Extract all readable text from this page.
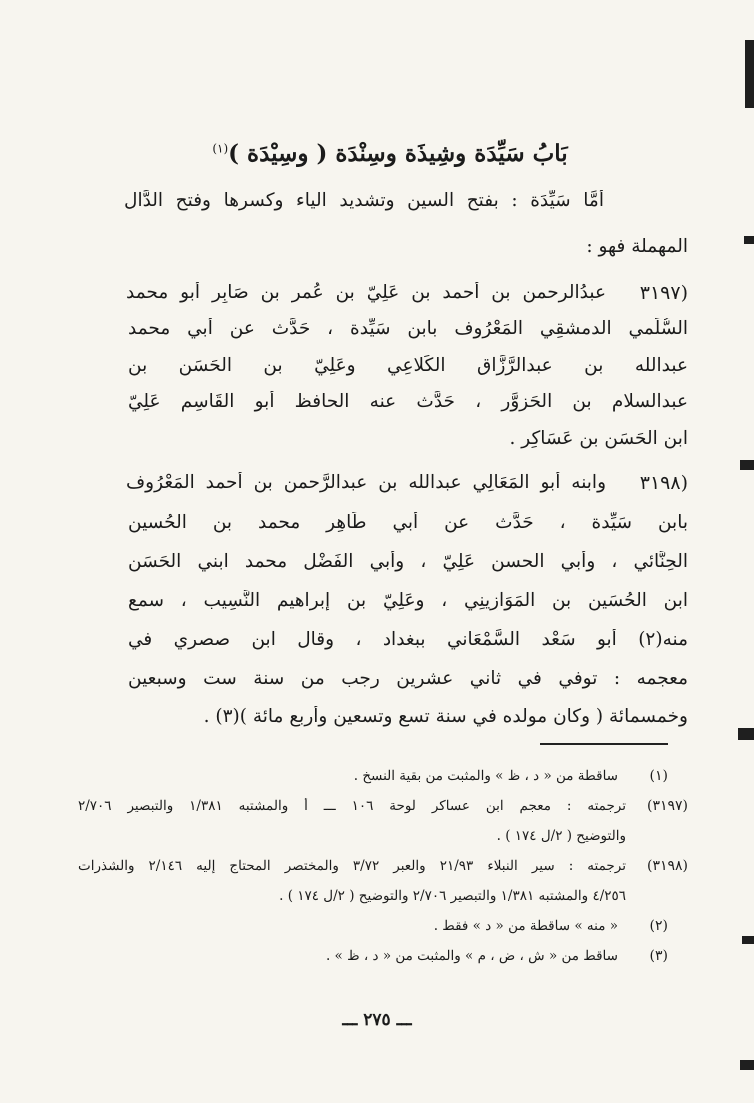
بَابُ سَيِّدَة وشِيذَة وسِنْدَة ( وسِيْدَة )$^{(١)}$
أَمَّا سَيِّدَة : بفتح السين وتشديد الياء وكسرها وفتح الدَّال
المهملة فهو :
(٣١٩٧
عبدُالرحمن بن أحمد بن عَلِيّ بن عُمر بن صَابِر أبو محمد
السُّلَمي الدمشقِي المَعْرُوف بابن سَيِّدة ، حَدَّث عن أبي محمد
عبدالله بن عبدالرَّزَّاق الكَلاعِي وعَلِيّ بن الحَسَن بن
عبدالسلام بن الحَزوَّر ، حَدَّث عنه الحافظ أبو القَاسِم عَلِيّ
ابن الحَسَن بن عَسَاكِر .
(٣١٩٨
وابنه أبو المَعَالِي عبدالله بن عبدالرَّحمن بن أحمد المَعْرُوف
بابن سَيِّدة ، حَدَّث عن أبي طَاهِر محمد بن الحُسين
الحِنَّائي ، وأبي الحسن عَلِيّ ، وأبي الفَضْل محمد ابني الحَسَن
ابن الحُسَين بن المَوَازِينِي ، وعَلِيّ بن إبراهيم النَّسِيب ، سمع
منه(٢) أبو سَعْد السَّمْعَاني ببغداد ، وقال ابن صصري في
معجمه : توفي في ثاني عشرين رجب من سنة ست وسبعين
وخمسمائة ( وكان مولده في سنة تسع وتسعين وأربع مائة )(٣) .
(١)
ساقطة من « د ، ظ » والمثبت من بقية النسخ .
(٣١٩٧)
ترجمته : معجم ابن عساكر لوحة ١٠٦ ـــ أ والمشتبه ١/٣٨١ والتبصير ٢/٧٠٦
والتوضيح ( ٢/ل ١٧٤ ) .
(٣١٩٨)
ترجمته : سير النبلاء ٢١/٩٣ والعبر ٣/٧٢ والمختصر المحتاج إليه ٢/١٤٦ والشذرات
٤/٢٥٦ والمشتبه ١/٣٨١ والتبصير ٢/٧٠٦ والتوضيح ( ٢/ل ١٧٤ ) .
(٢)
« منه » ساقطة من « د » فقط .
(٣)
ساقط من « ش ، ض ، م » والمثبت من « د ، ظ » .
ـــ ٢٧٥ ـــ
